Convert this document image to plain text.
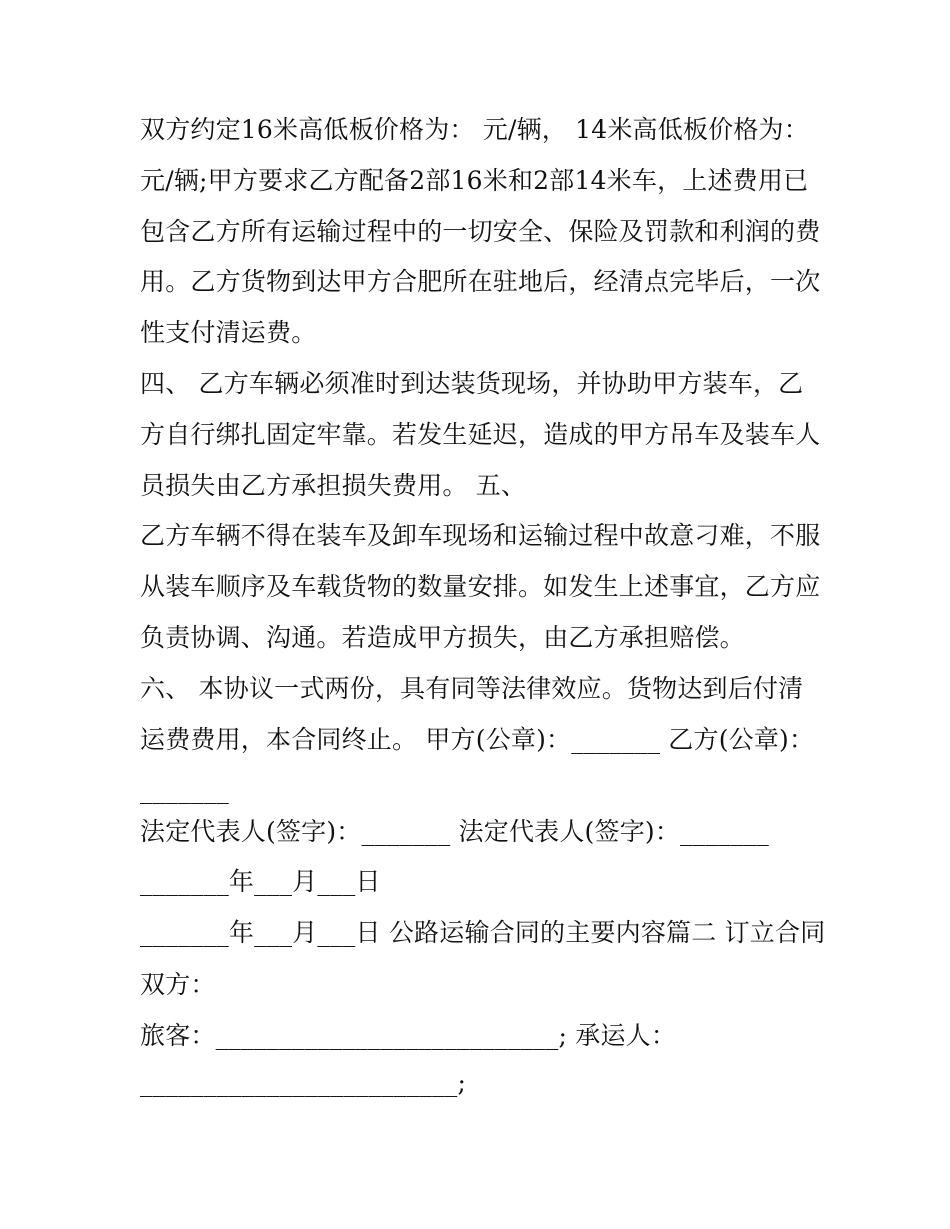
双方约定16米高低板价格为： 元/辆， 14米高低板价格为：
元/辆;甲方要求乙方配备2部16米和2部14米车，上述费用已
包含乙方所有运输过程中的一切安全、保险及罚款和利润的费
用。乙方货物到达甲方合肥所在驻地后，经清点完毕后，一次
性支付清运费。
四、 乙方车辆必须准时到达装货现场，并协助甲方装车，乙
方自行绑扎固定牢靠。若发生延迟，造成的甲方吊车及装车人
员损失由乙方承担损失费用。 五、
乙方车辆不得在装车及卸车现场和运输过程中故意刁难，不服
从装车顺序及车载货物的数量安排。如发生上述事宜，乙方应
负责协调、沟通。若造成甲方损失，由乙方承担赔偿。
六、 本协议一式两份，具有同等法律效应。货物达到后付清
运费费用，本合同终止。 甲方(公章)：_______ 乙方(公章)：
_______
法定代表人(签字)：_______ 法定代表人(签字)：_______
_______年___月___日
_______年___月___日 公路运输合同的主要内容篇二 订立合同
双方：
旅客：___________________________; 承运人：
_________________________;
